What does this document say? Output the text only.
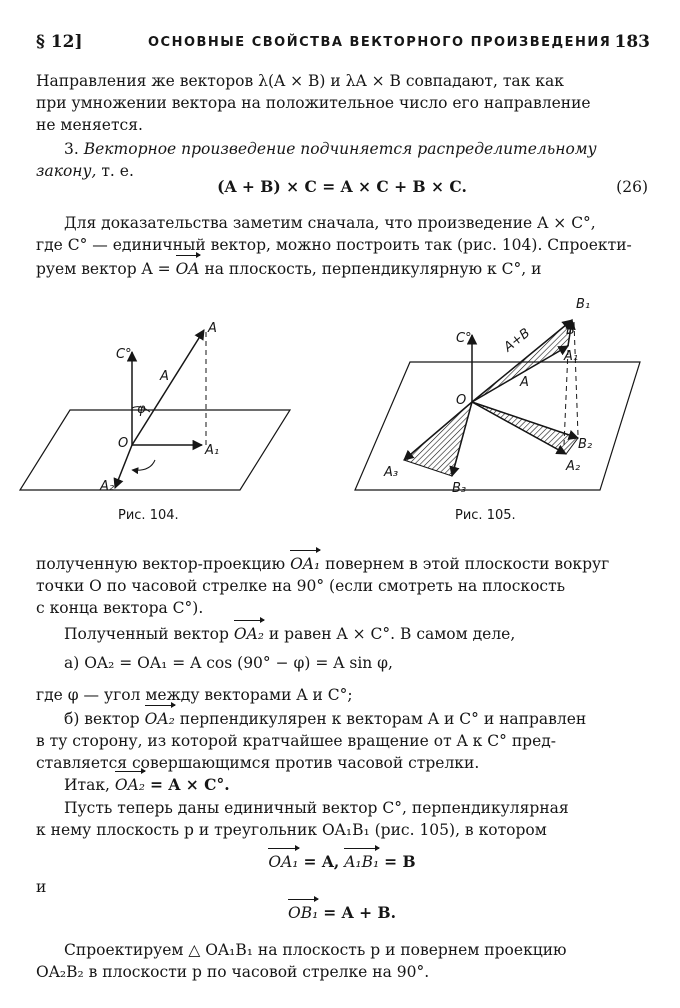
§ 12]	ОСНОВНЫЕ СВОЙСТВА ВЕКТОРНОГО ПРОИЗВЕДЕНИЯ 183
Направления же векторов λ(A × B) и λA × B совпадают, так как
при умножении вектора на положительное число его направление
не меняется.
3. Векторное произведение подчиняется распределительному
закону, т. е.
(A + B) × C = A × C + B × C.	(26)
Для доказательства заметим сначала, что произведение A × C°,
где C° — единичный вектор, можно построить так (рис. 104). Спроекти-
руем вектор A = OA на плоскость, перпендикулярную к C°, и
C°
A
A
φ
O	A₁
A₂
C° A+B
B₁
B
A₁
A
O
B₂
A₂
A₃
B₃
Рис. 104.	Рис. 105.
полученную вектор-проекцию OA₁ повернем в этой плоскости вокруг
точки O по часовой стрелке на 90° (если смотреть на плоскость
с конца вектора C°).
Полученный вектор OA₂ и равен A × C°. В самом деле,
а) OA₂ = OA₁ = A cos (90° − φ) = A sin φ,
где φ — угол между векторами A и C°;
б) вектор OA₂ перпендикулярен к векторам A и C° и направлен
в ту сторону, из которой кратчайшее вращение от A к C° пред-
ставляется совершающимся против часовой стрелки.
Итак, OA₂ = A × C°.
Пусть теперь даны единичный вектор C°, перпендикулярная
к нему плоскость p и треугольник OA₁B₁ (рис. 105), в котором
OA₁ = A, A₁B₁ = B
и
OB₁ = A + B.
Спроектируем △ OA₁B₁ на плоскость p и повернем проекцию
OA₂B₂ в плоскости p по часовой стрелке на 90°.
